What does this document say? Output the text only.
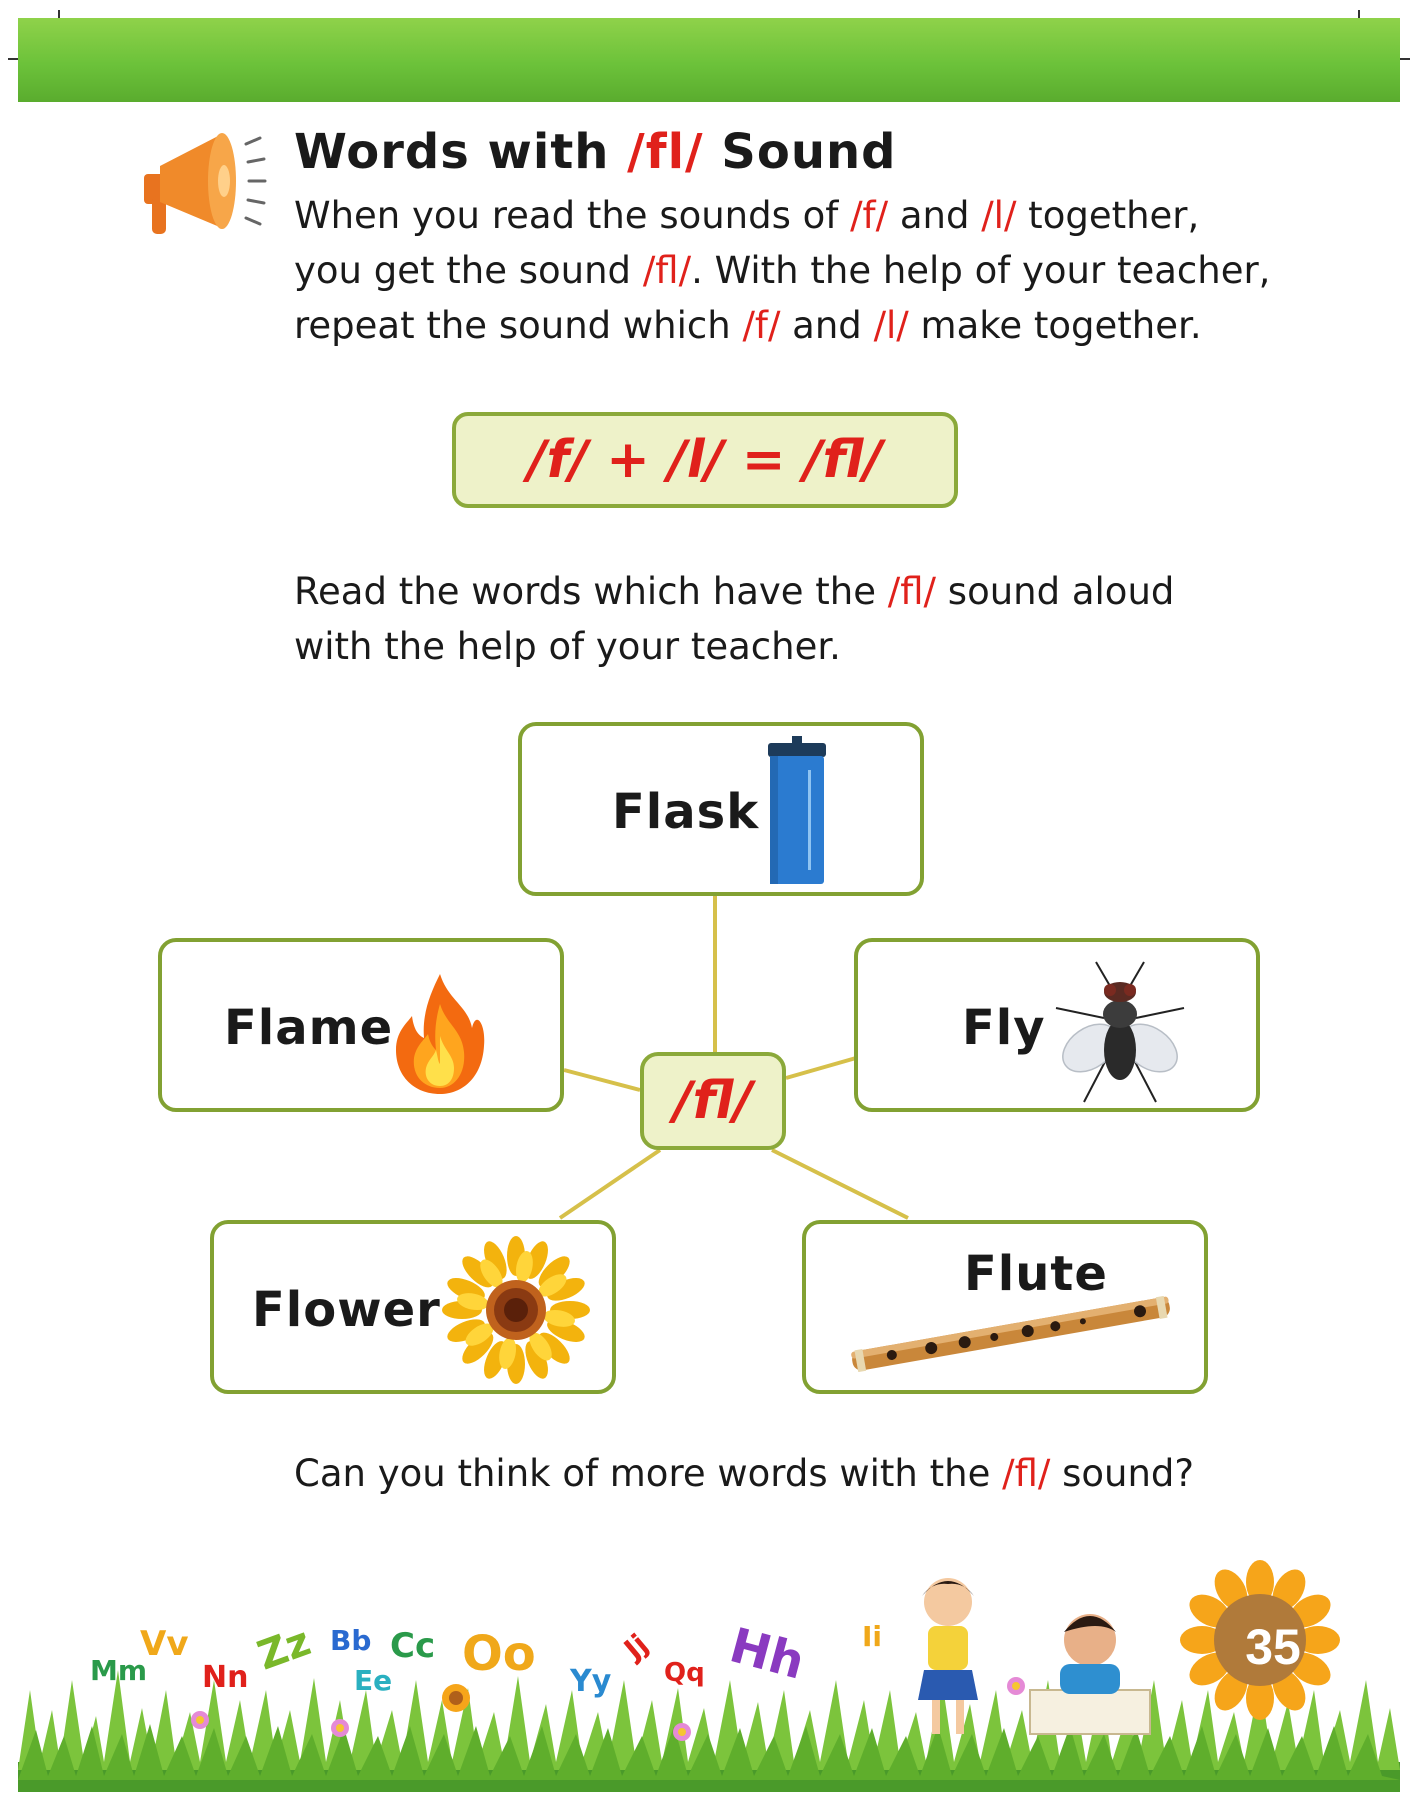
Words with /fl/ Sound
When you read the sounds of /f/ and /l/ together,
you get the sound /fl/. With the help of your teacher,
repeat the sound which /f/ and /l/ make together.
/f/ + /l/ = /fl/
Read the words which have the /fl/ sound aloud
with the help of your teacher.
Flask
Flame	Fly
Flower
Flute
/fl/
Can you think of more words with the /fl/ sound?
Mm
Vv
Nn Zz Bb
Ee
Cc Oo Yy
Jj
Qq Hh Ii	35
